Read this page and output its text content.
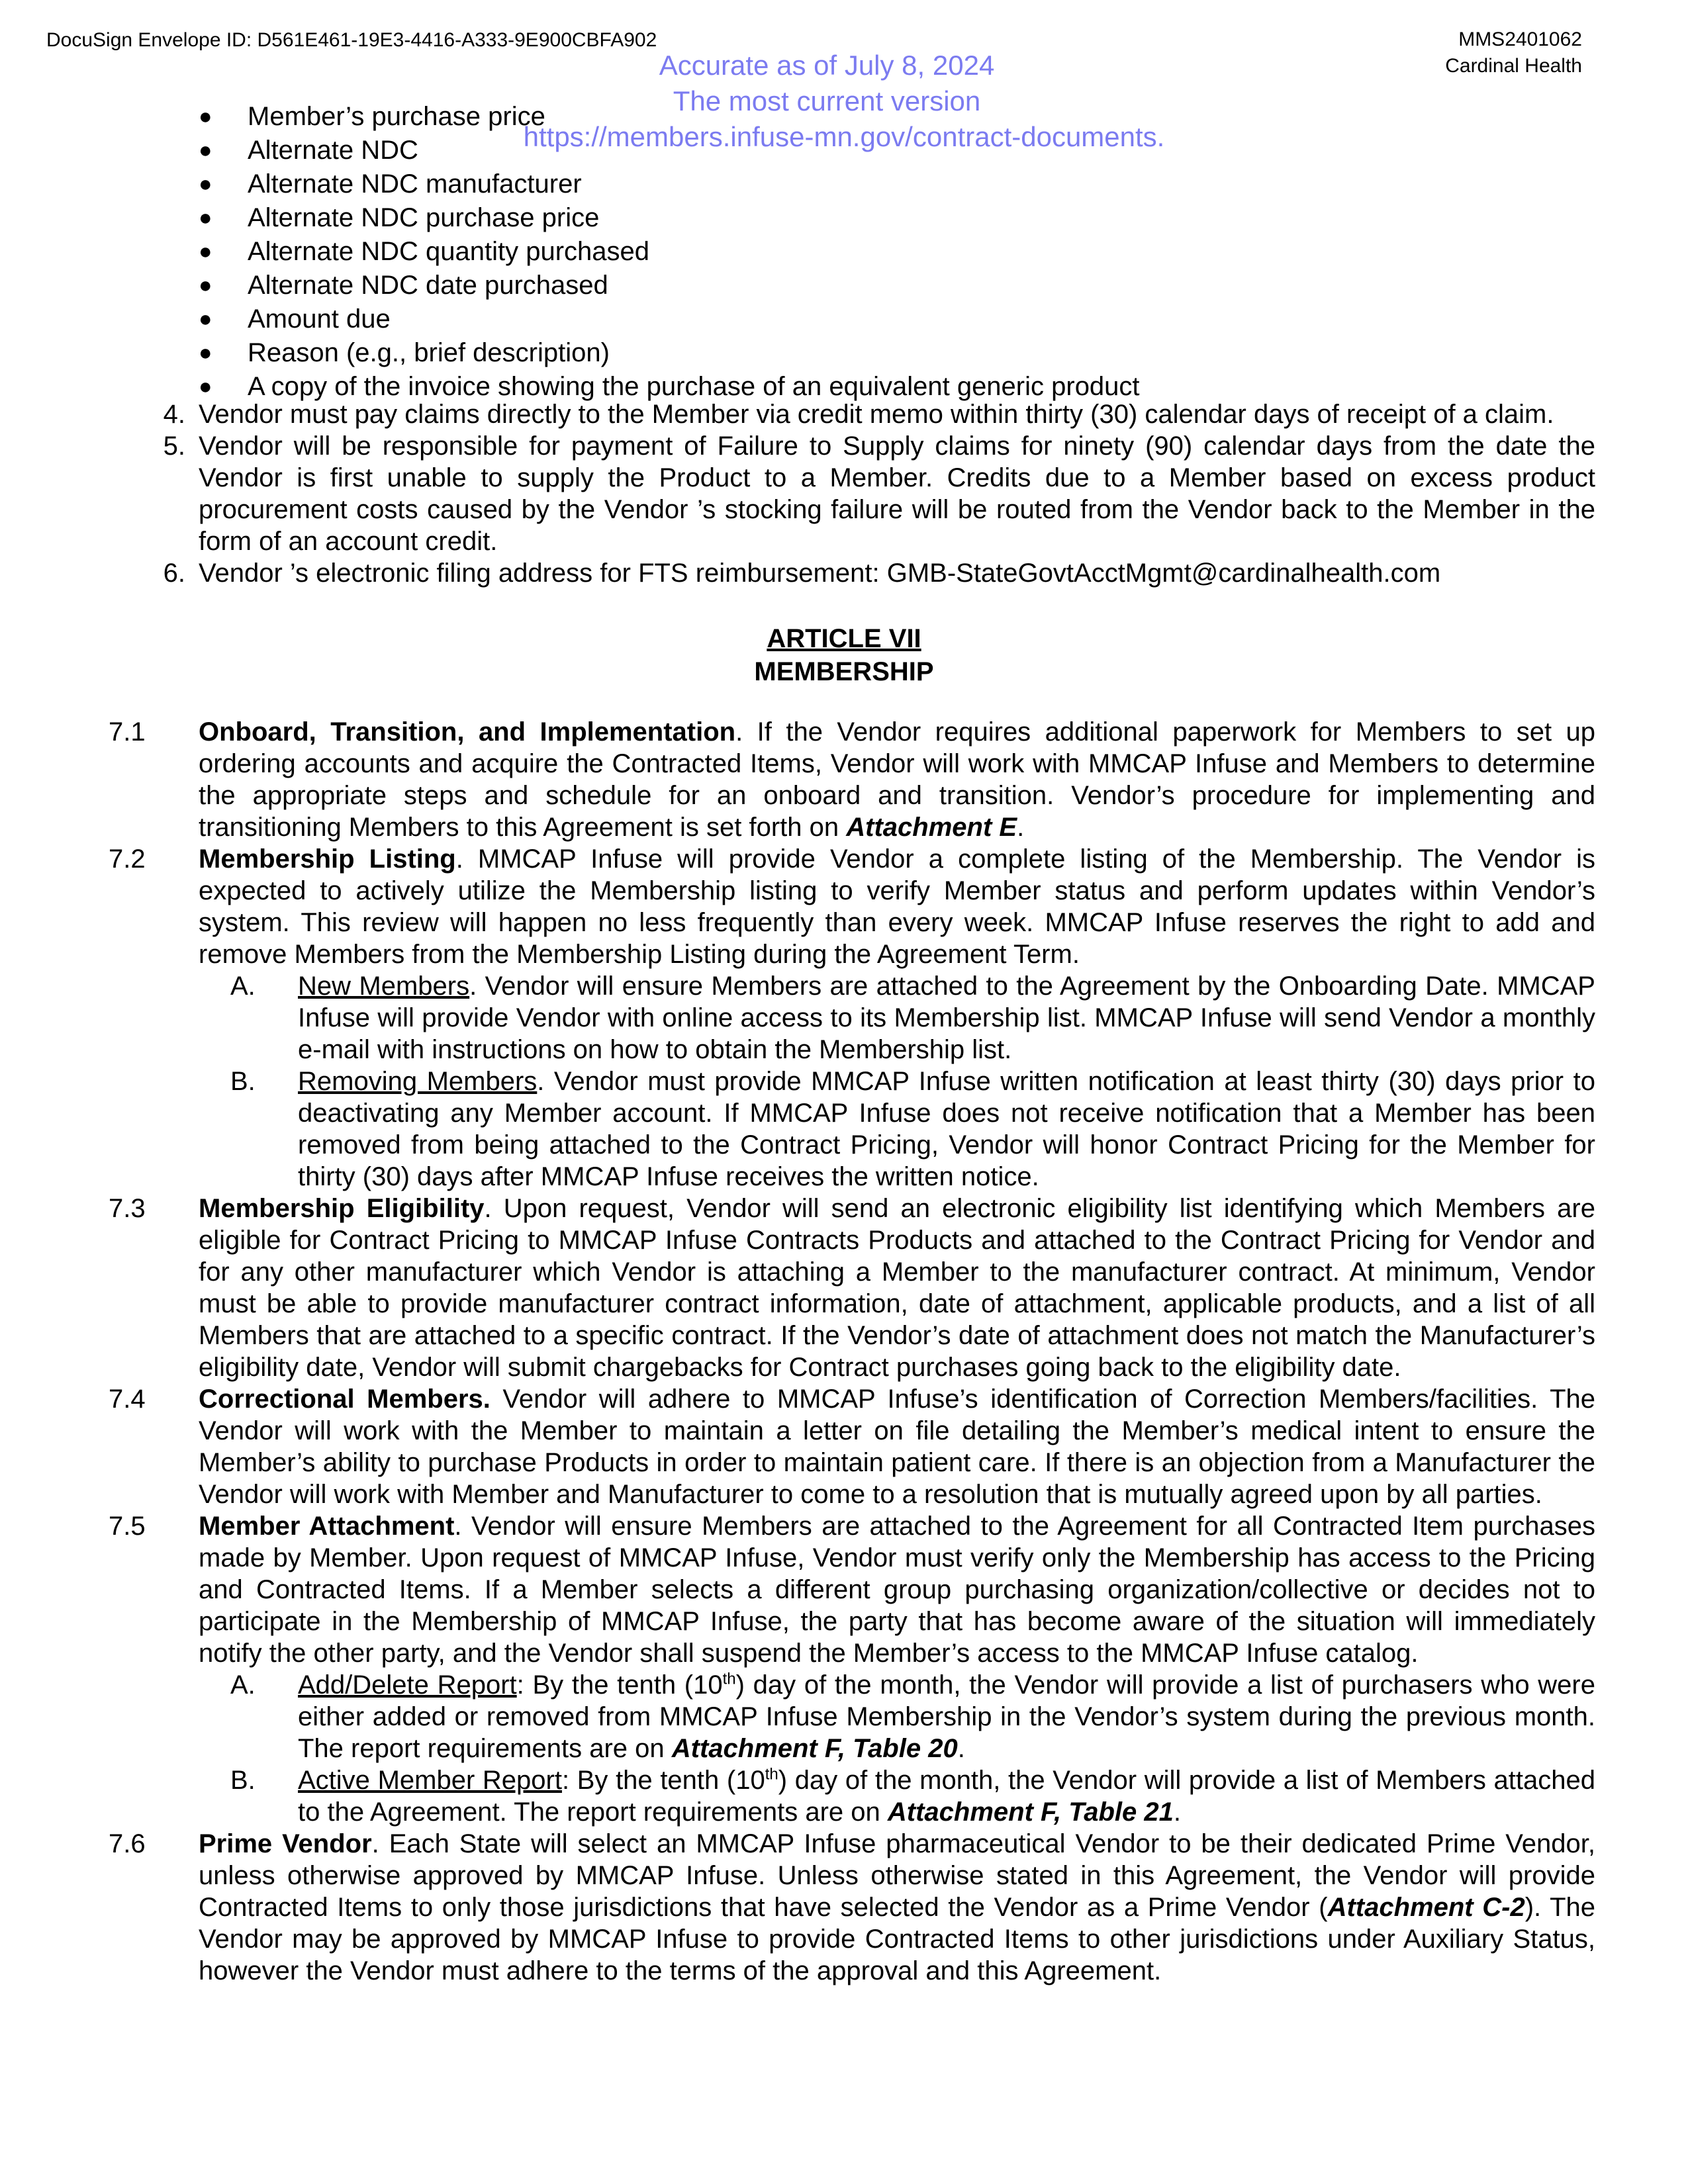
DocuSign Envelope ID: D561E461-19E3-4416-A333-9E900CBFA902	MMS2401062
Cardinal Health
● Member’s purchase price
● Alternate NDC
● Alternate NDC manufacturer
● Alternate NDC purchase price
● Alternate NDC quantity purchased
● Alternate NDC date purchased
● Amount due
● Reason (e.g., brief description)
● A copy of the invoice showing the purchase of an equivalent generic product
Accurate as of July 8, 2024
The most current version
https://members.infuse-mn.gov/contract-documents.
4. Vendor must pay claims directly to the Member via credit memo within thirty (30) calendar days of receipt of a claim.
5. Vendor will be responsible for payment of Failure to Supply claims for ninety (90) calendar days from the date the Vendor is first unable to supply the Product to a Member. Credits due to a Member based on excess product procurement costs caused by the Vendor ’s stocking failure will be routed from the Vendor back to the Member in the form of an account credit.
6. Vendor ’s electronic filing address for FTS reimbursement: GMB-StateGovtAcctMgmt@cardinalhealth.com
ARTICLE VII
MEMBERSHIP
7.1 Onboard, Transition, and Implementation. If the Vendor requires additional paperwork for Members to set up ordering accounts and acquire the Contracted Items, Vendor will work with MMCAP Infuse and Members to determine the appropriate steps and schedule for an onboard and transition. Vendor’s procedure for implementing and transitioning Members to this Agreement is set forth on Attachment E.
7.2 Membership Listing. MMCAP Infuse will provide Vendor a complete listing of the Membership. The Vendor is expected to actively utilize the Membership listing to verify Member status and perform updates within Vendor’s system. This review will happen no less frequently than every week. MMCAP Infuse reserves the right to add and remove Members from the Membership Listing during the Agreement Term.
A. New Members. Vendor will ensure Members are attached to the Agreement by the Onboarding Date. MMCAP Infuse will provide Vendor with online access to its Membership list. MMCAP Infuse will send Vendor a monthly e-mail with instructions on how to obtain the Membership list.
B. Removing Members. Vendor must provide MMCAP Infuse written notification at least thirty (30) days prior to deactivating any Member account. If MMCAP Infuse does not receive notification that a Member has been removed from being attached to the Contract Pricing, Vendor will honor Contract Pricing for the Member for thirty (30) days after MMCAP Infuse receives the written notice.
7.3 Membership Eligibility. Upon request, Vendor will send an electronic eligibility list identifying which Members are eligible for Contract Pricing to MMCAP Infuse Contracts Products and attached to the Contract Pricing for Vendor and for any other manufacturer which Vendor is attaching a Member to the manufacturer contract. At minimum, Vendor must be able to provide manufacturer contract information, date of attachment, applicable products, and a list of all Members that are attached to a specific contract. If the Vendor’s date of attachment does not match the Manufacturer’s eligibility date, Vendor will submit chargebacks for Contract purchases going back to the eligibility date.
7.4 Correctional Members. Vendor will adhere to MMCAP Infuse’s identification of Correction Members/facilities. The Vendor will work with the Member to maintain a letter on file detailing the Member’s medical intent to ensure the Member’s ability to purchase Products in order to maintain patient care. If there is an objection from a Manufacturer the Vendor will work with Member and Manufacturer to come to a resolution that is mutually agreed upon by all parties.
7.5 Member Attachment. Vendor will ensure Members are attached to the Agreement for all Contracted Item purchases made by Member. Upon request of MMCAP Infuse, Vendor must verify only the Membership has access to the Pricing and Contracted Items. If a Member selects a different group purchasing organization/collective or decides not to participate in the Membership of MMCAP Infuse, the party that has become aware of the situation will immediately notify the other party, and the Vendor shall suspend the Member’s access to the MMCAP Infuse catalog.
A. Add/Delete Report: By the tenth (10th) day of the month, the Vendor will provide a list of purchasers who were either added or removed from MMCAP Infuse Membership in the Vendor’s system during the previous month. The report requirements are on Attachment F, Table 20.
B. Active Member Report: By the tenth (10th) day of the month, the Vendor will provide a list of Members attached to the Agreement. The report requirements are on Attachment F, Table 21.
7.6 Prime Vendor. Each State will select an MMCAP Infuse pharmaceutical Vendor to be their dedicated Prime Vendor, unless otherwise approved by MMCAP Infuse. Unless otherwise stated in this Agreement, the Vendor will provide Contracted Items to only those jurisdictions that have selected the Vendor as a Prime Vendor (Attachment C-2). The Vendor may be approved by MMCAP Infuse to provide Contracted Items to other jurisdictions under Auxiliary Status, however the Vendor must adhere to the terms of the approval and this Agreement.
